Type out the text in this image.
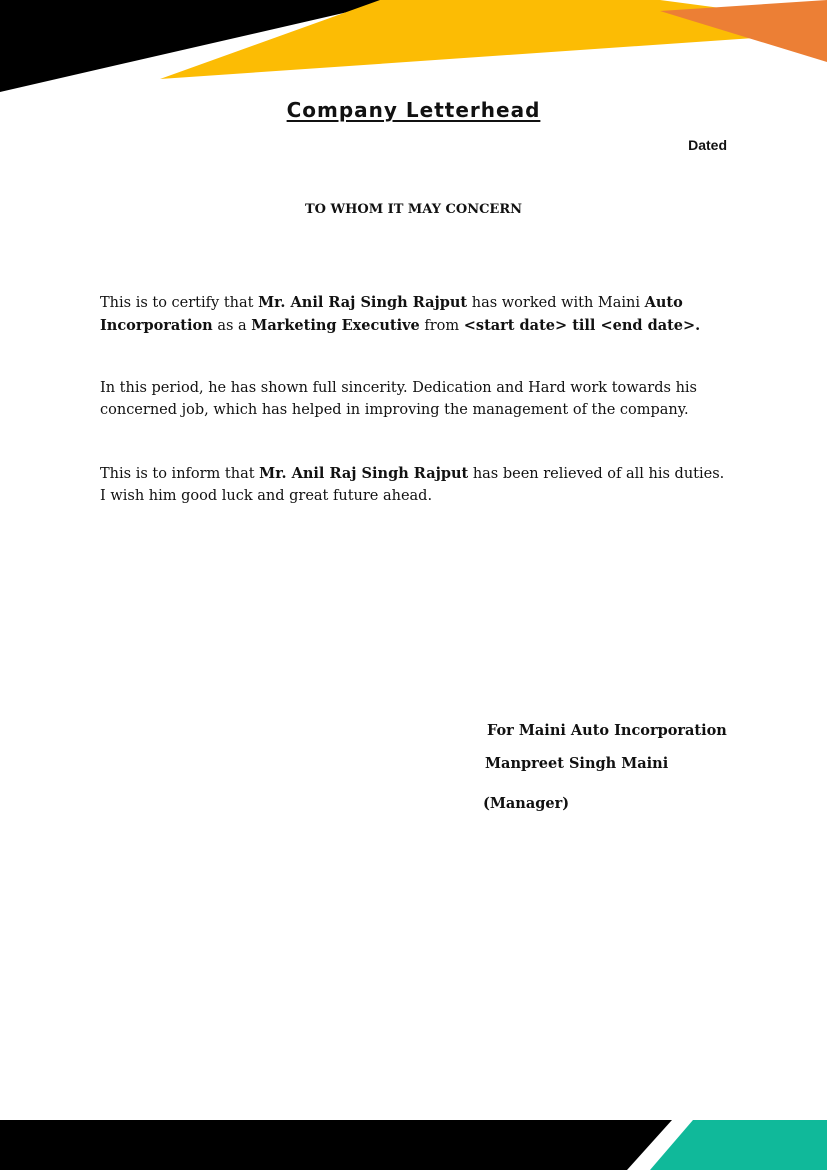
Company Letterhead
Dated
TO WHOM IT MAY CONCERN

This is to certify that Mr. Anil Raj Singh Rajput has worked with Maini Auto Incorporation as a Marketing Executive from <start date> till <end date>.

In this period, he has shown full sincerity. Dedication and Hard work towards his concerned job, which has helped in improving the management of the company.

This is to inform that Mr. Anil Raj Singh Rajput has been relieved of all his duties. I wish him good luck and great future ahead.

For Maini Auto Incorporation
Manpreet Singh Maini
(Manager)
